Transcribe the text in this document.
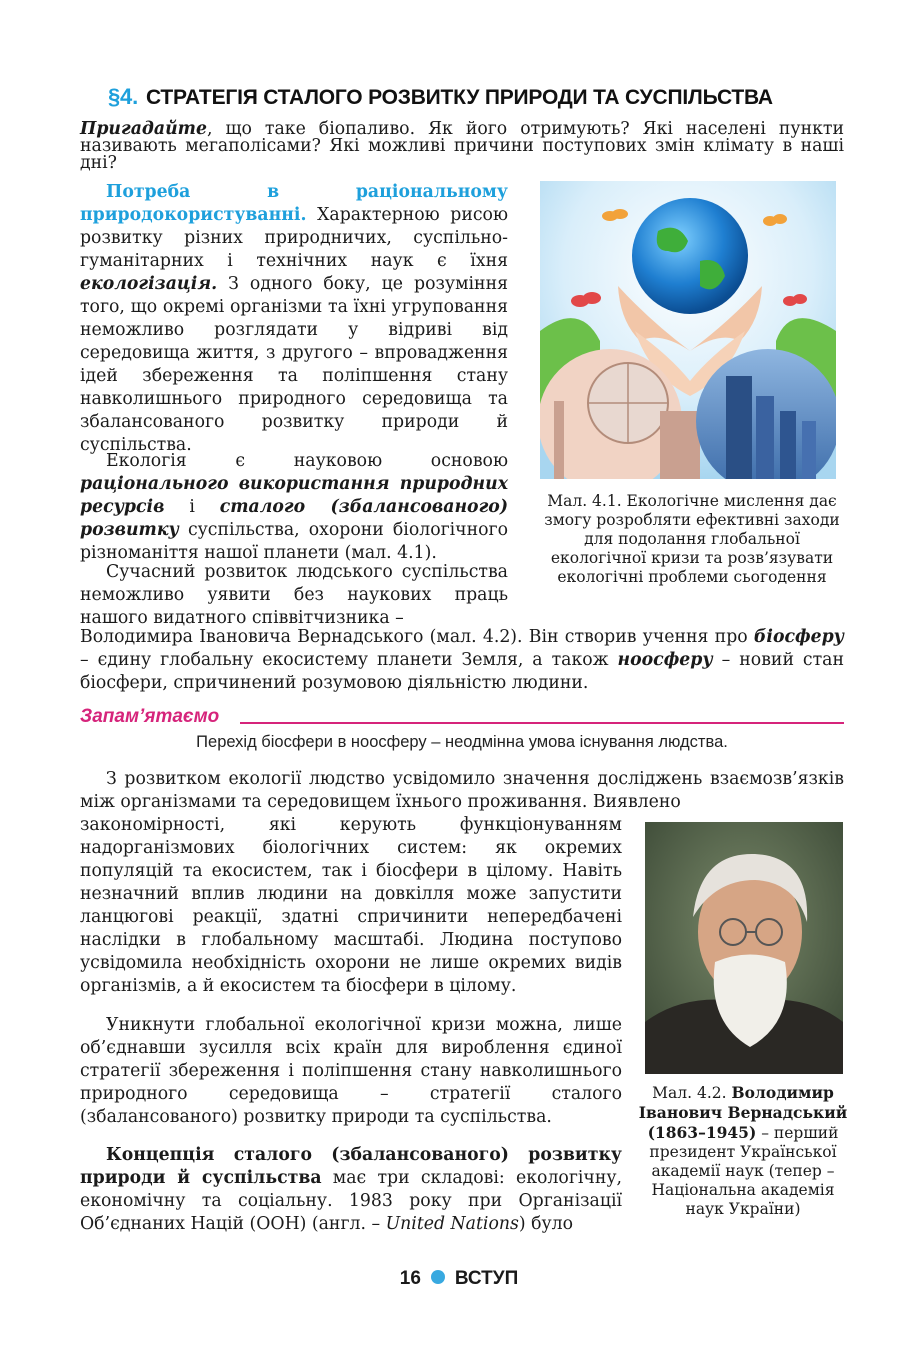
§4. СТРАТЕГІЯ СТАЛОГО РОЗВИТКУ ПРИРОДИ ТА СУСПІЛЬСТВА
Пригадайте, що таке біопаливо. Як його отримують? Які населені пункти називають мегаполісами? Які можливі причини поступових змін клімату в наші дні?
Потреба в раціональному природокористуванні. Характерною рисою розвитку різних природничих, суспільно-гуманітарних і технічних наук є їхня екологізація. З одного боку, це розуміння того, що окремі організми та їхні угруповання неможливо розглядати у відриві від середовища життя, з другого – впровадження ідей збереження та поліпшення стану навколишнього природного середовища та збалансованого розвитку природи й суспільства.
Екологія є науковою основою раціонального використання природних ресурсів і сталого (збалансованого) розвитку суспільства, охорони біологічного різноманіття нашої планети (мал. 4.1).
Сучасний розвиток людського суспільства неможливо уявити без наукових праць нашого видатного співвітчизника –
Володимира Івановича Вернадського (мал. 4.2). Він створив учення про біосферу – єдину глобальну екосистему планети Земля, а також ноосферу – новий стан біосфери, спричинений розумовою діяльністю людини.
Мал. 4.1. Екологічне мислення дає змогу розробляти ефективні заходи для подолання глобальної екологічної кризи та розв’язувати екологічні проблеми сьогодення
Запам’ятаємо
Перехід біосфери в ноосферу – неодмінна умова існування людства.
З розвитком екології людство усвідомило значення досліджень взаємозв’язків між організмами та середовищем їхнього проживання. Виявлено
закономірності, які керують функціонуванням надорганізмових біологічних систем: як окремих популяцій та екосистем, так і біосфери в цілому. Навіть незначний вплив людини на довкілля може запустити ланцюгові реакції, здатні спричинити непередбачені наслідки в глобальному масштабі. Людина поступово усвідомила необхідність охорони не лише окремих видів організмів, а й екосистем та біосфери в цілому.
Уникнути глобальної екологічної кризи можна, лише об’єднавши зусилля всіх країн для вироблення єдиної стратегії збереження і поліпшення стану навколишнього природного середовища – стратегії сталого (збалансованого) розвитку природи та суспільства.
Концепція сталого (збалансованого) розвитку природи й суспільства має три складові: екологічну, економічну та соціальну. 1983 року при Організації Об’єднаних Націй (ООН) (англ. – United Nations) було
Мал. 4.2. Володимир Іванович Вернадський (1863–1945) – перший президент Української академії наук (тепер – Національна академія наук України)
16 ВСТУП
